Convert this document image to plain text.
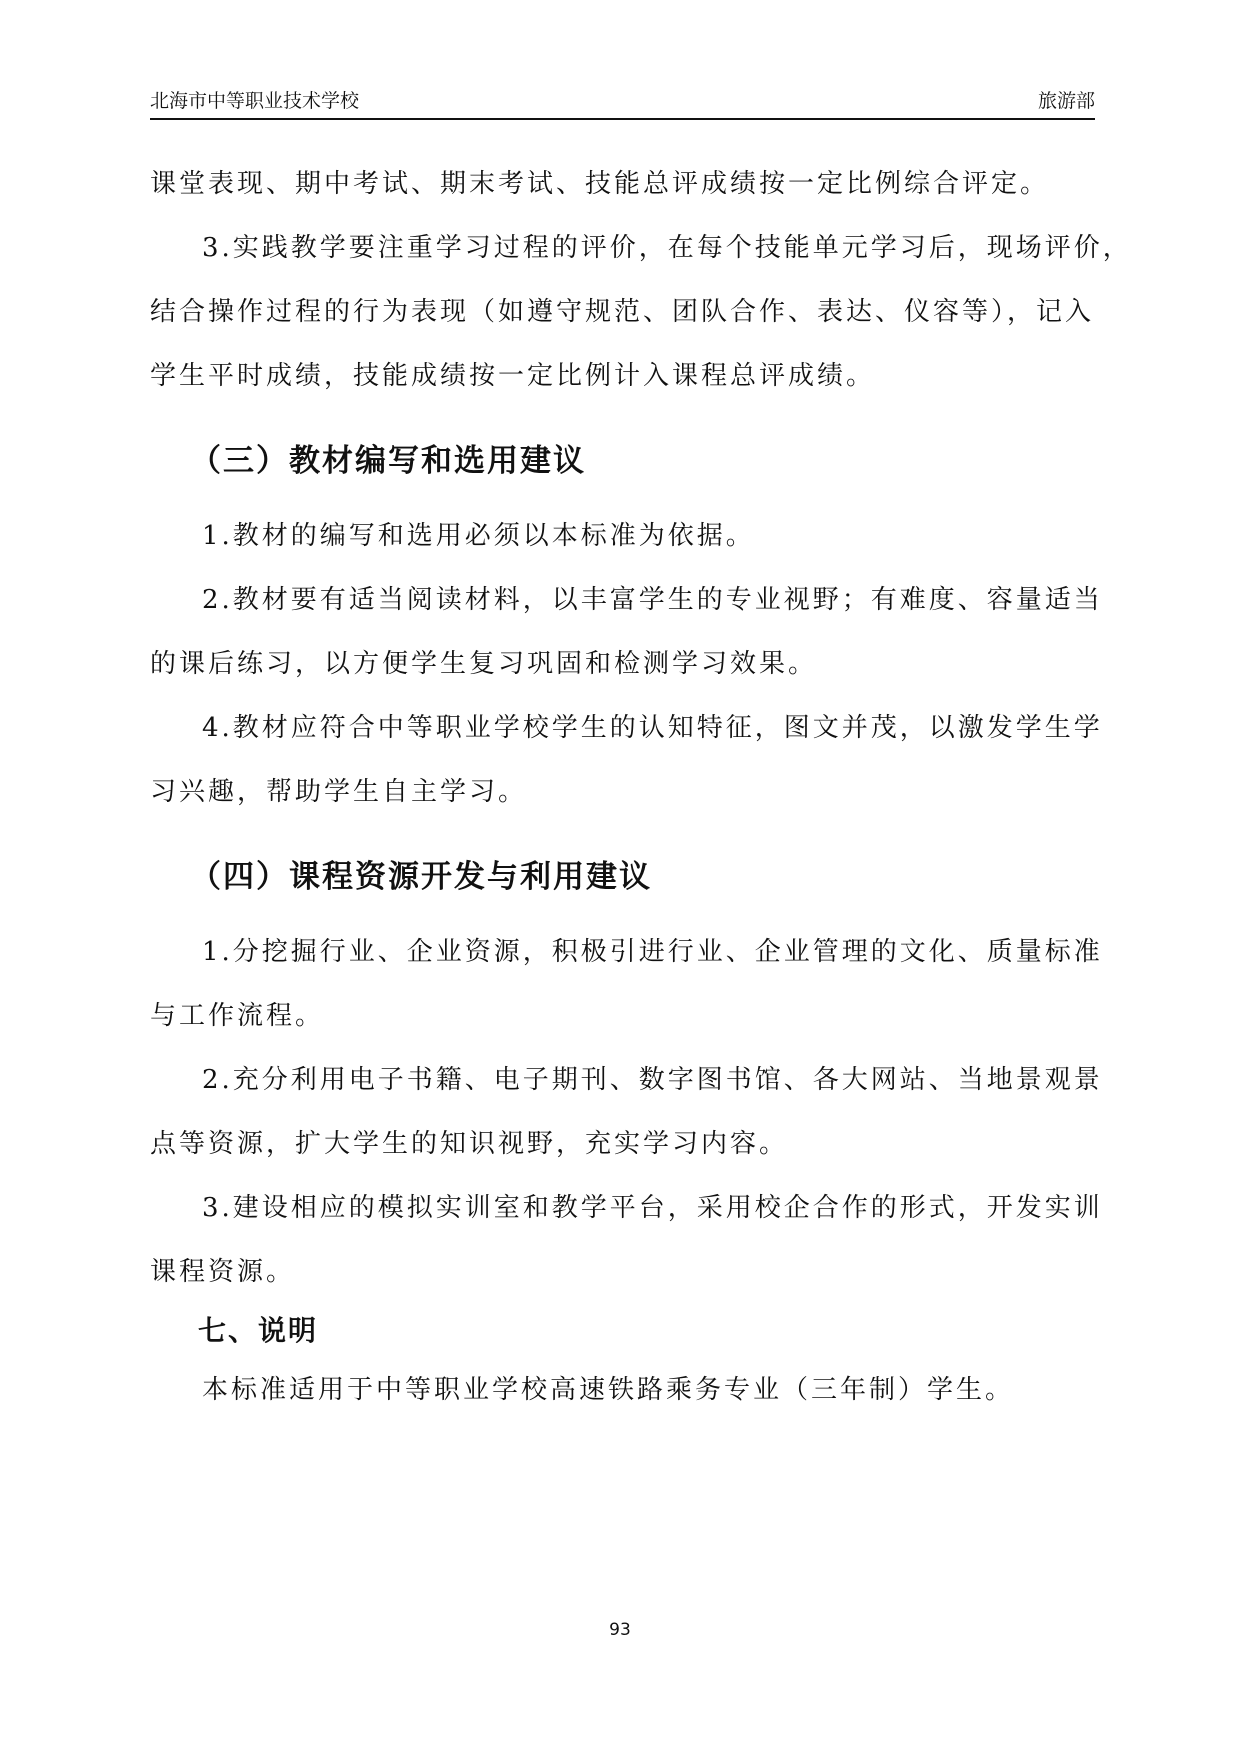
北海市中等职业技术学校	旅游部
课堂表现、期中考试、期末考试、技能总评成绩按一定比例综合评定。
3.实践教学要注重学习过程的评价，在每个技能单元学习后，现场评价，
结合操作过程的行为表现（如遵守规范、团队合作、表达、仪容等），记入
学生平时成绩，技能成绩按一定比例计入课程总评成绩。
（三）教材编写和选用建议
1.教材的编写和选用必须以本标准为依据。
2.教材要有适当阅读材料，以丰富学生的专业视野；有难度、容量适当
的课后练习，以方便学生复习巩固和检测学习效果。
4.教材应符合中等职业学校学生的认知特征，图文并茂，以激发学生学
习兴趣，帮助学生自主学习。
（四）课程资源开发与利用建议
1.分挖掘行业、企业资源，积极引进行业、企业管理的文化、质量标准
与工作流程。
2.充分利用电子书籍、电子期刊、数字图书馆、各大网站、当地景观景
点等资源，扩大学生的知识视野，充实学习内容。
3.建设相应的模拟实训室和教学平台，采用校企合作的形式，开发实训
课程资源。
七、说明
本标准适用于中等职业学校高速铁路乘务专业（三年制）学生。
93
